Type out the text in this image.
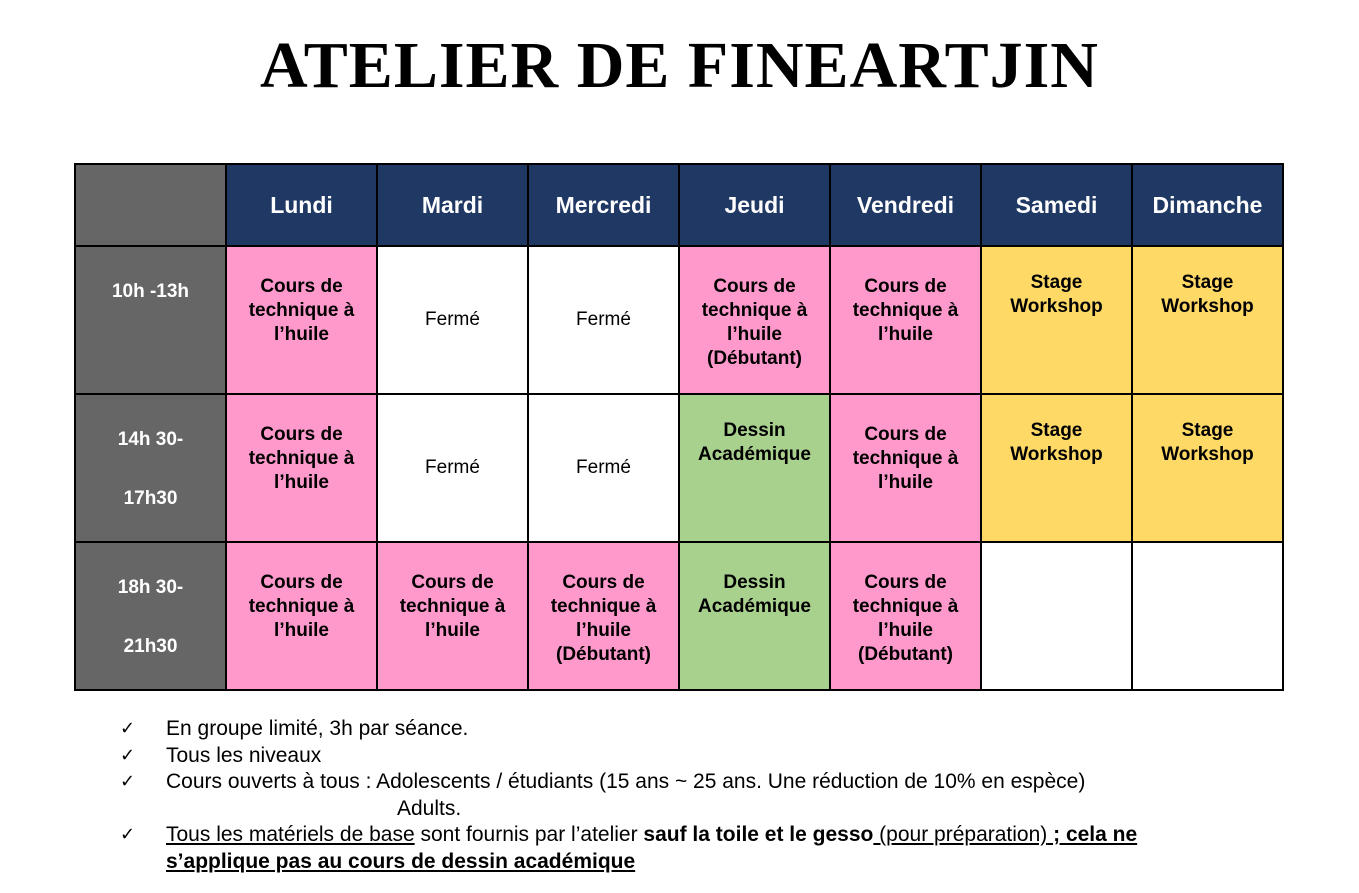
ATELIER DE FINEARTJIN
	Lundi	Mardi	Mercredi	Jeudi	Vendredi	Samedi	Dimanche

10h -13h	Cours de technique à l’huile	Fermé	Fermé	Cours de technique à l’huile (Débutant)	Cours de technique à l’huile	Stage Workshop	Stage Workshop

14h 30-
17h30	Cours de technique à l’huile	Fermé	Fermé	Dessin Académique	Cours de technique à l’huile	Stage Workshop	Stage Workshop

18h 30-
21h30	Cours de technique à l’huile	Cours de technique à l’huile	Cours de technique à l’huile (Débutant)	Dessin Académique	Cours de technique à l’huile (Débutant)		
✓ En groupe limité, 3h par séance.
✓ Tous les niveaux
✓ Cours ouverts à tous : Adolescents / étudiants (15 ans ~ 25 ans. Une réduction de 10% en espèce)
Adults.
✓ Tous les matériels de base sont fournis par l’atelier sauf la toile et le gesso (pour préparation) ; cela ne
s’applique pas au cours de dessin académique
